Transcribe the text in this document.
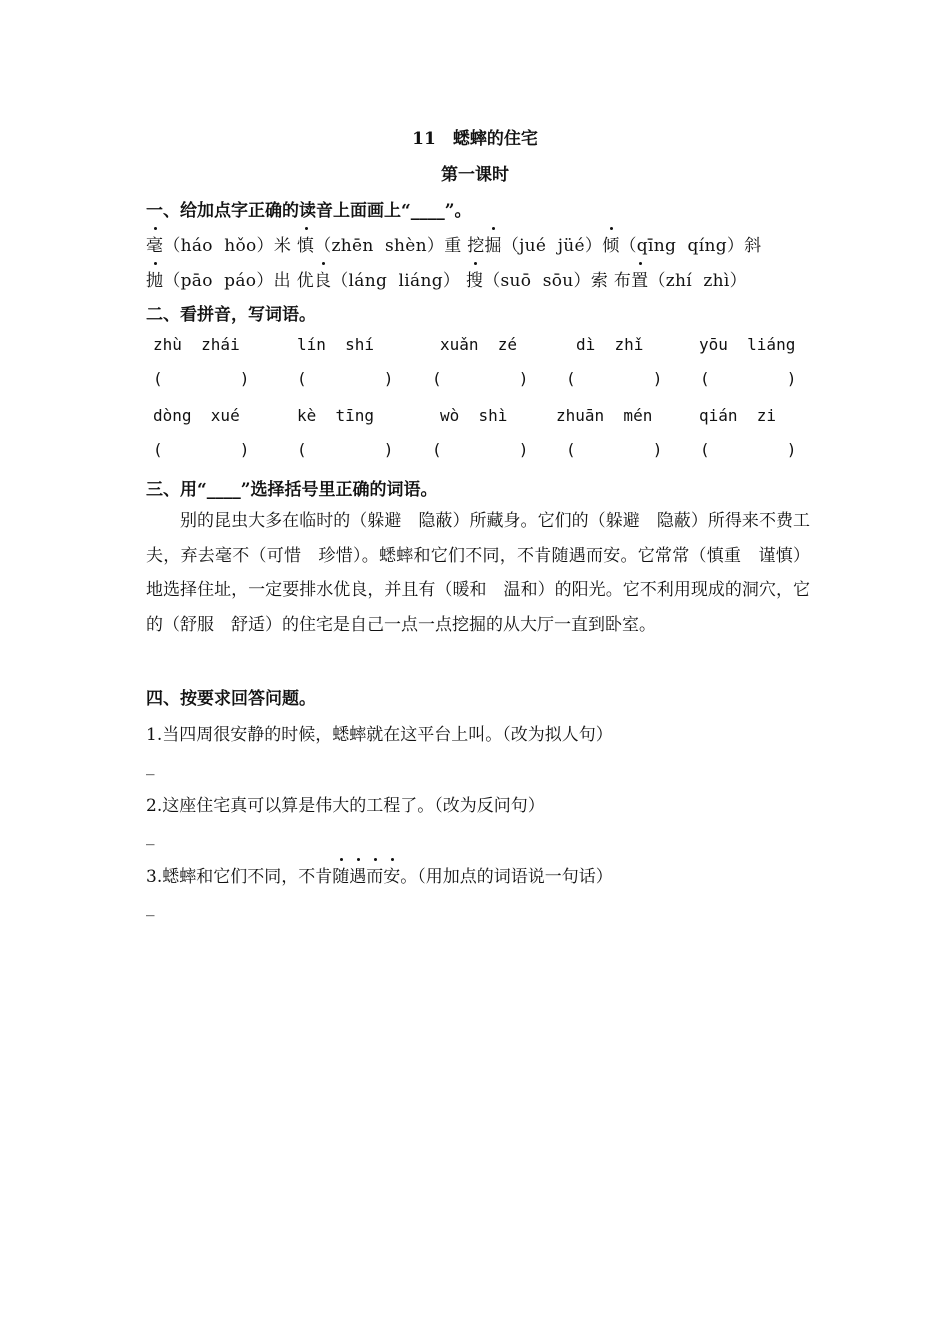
11　蟋蟀的住宅
第一课时
一、给加点字正确的读音上面画上“____”。
毫（háo  hǒo）米 慎（zhēn  shèn）重 挖掘（jué  jüé）倾（qīng  qíng）斜
抛（pāo  páo）出 优良（láng  liáng） 搜（suō  sōu）索 布置（zhí  zhì）
二、看拼音，写词语。
zhù  zhái	lín  shí	xuǎn  zé	dì  zhǐ	yōu  liáng
(        )	(        ) (        ) (        ) (        )
dòng  xué	kè  tīng	wò  shì	zhuān  mén	qián  zi
(        )	(        ) (        ) (        ) (        )
三、用“____”选择括号里正确的词语。
别的昆虫大多在临时的（躲避　隐蔽）所藏身。它们的（躲避　隐蔽）所得来不费工夫，弃去毫不（可惜　珍惜）。蟋蟀和它们不同，不肯随遇而安。它常常（慎重　谨慎）地选择住址，一定要排水优良，并且有（暖和　温和）的阳光。它不利用现成的洞穴，它的（舒服　舒适）的住宅是自己一点一点挖掘的从大厅一直到卧室。
四、按要求回答问题。
1.当四周很安静的时候，蟋蟀就在这平台上叫。（改为拟人句）
_
2.这座住宅真可以算是伟大的工程了。（改为反问句）
_
3.蟋蟀和它们不同，不肯随遇而安。（用加点的词语说一句话）
_
